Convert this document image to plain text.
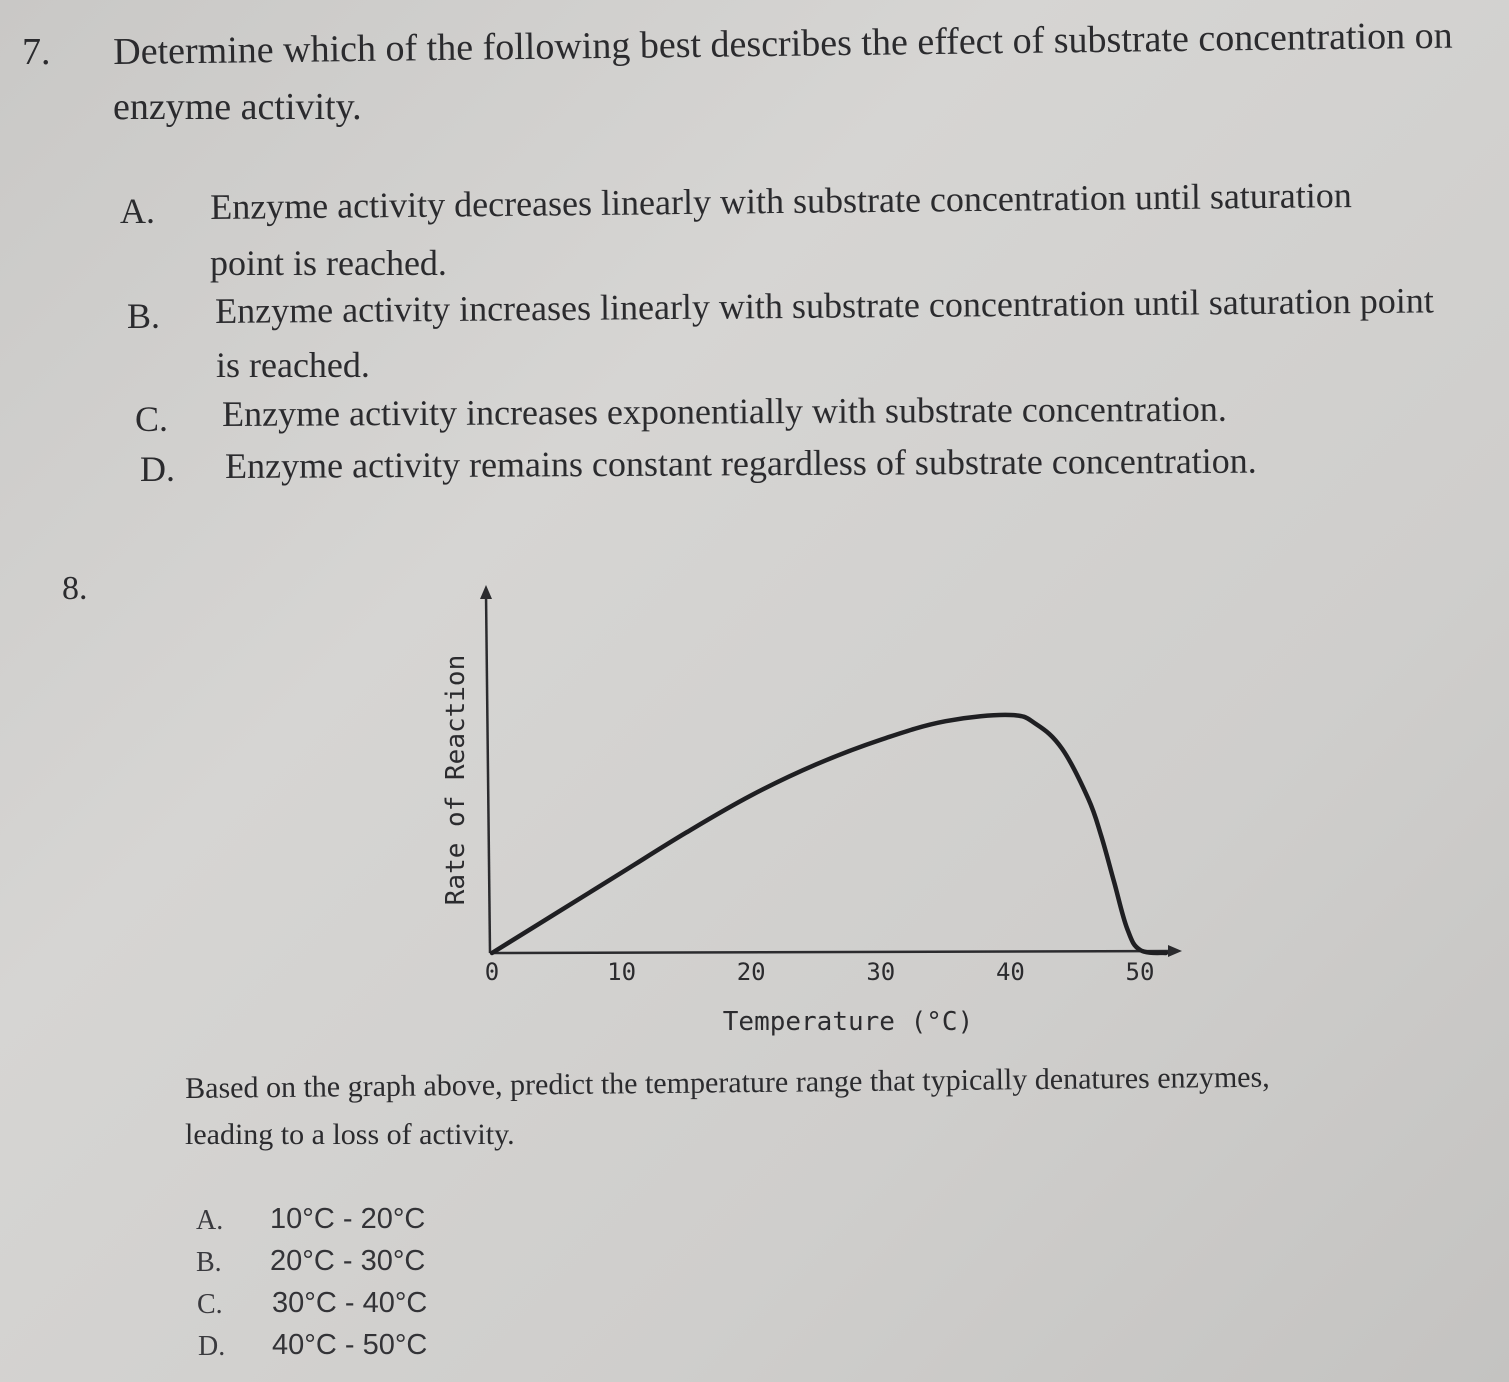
7. Determine which of the following best describes the effect of substrate concentration on
enzyme activity.
A. Enzyme activity decreases linearly with substrate concentration until saturation
point is reached.
B. Enzyme activity increases linearly with substrate concentration until saturation point
is reached.
C. Enzyme activity increases exponentially with substrate concentration.
D. Enzyme activity remains constant regardless of substrate concentration.
8.
0	10	20	30	40	50
Temperature (°C)
Rate of Reaction
Based on the graph above, predict the temperature range that typically denatures enzymes,
leading to a loss of activity.
A. 10°C - 20°C
B. 20°C - 30°C
C. 30°C - 40°C
D. 40°C - 50°C
